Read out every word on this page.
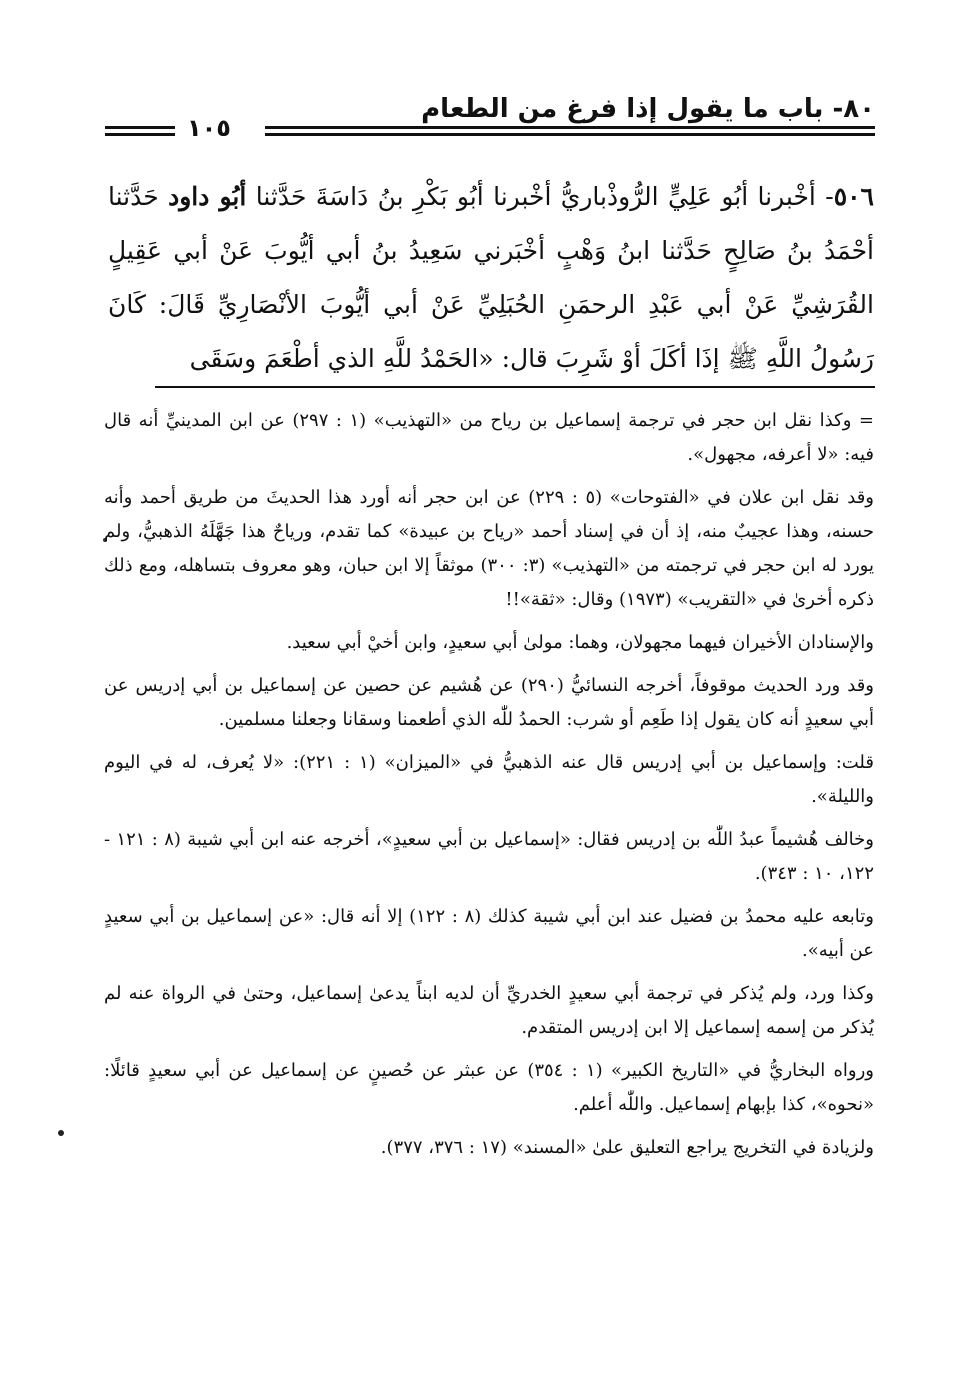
٨٠- باب ما يقول إذا فرغ من الطعام
١٠٥
٥٠٦- أخْبرنا أبُو عَلِيٍّ الرُّوذْباريُّ أخْبرنا أبُو بَكْرِ بنُ دَاسَةَ حَدَّثنا أبُو داود حَدَّثنا أحْمَدُ بنُ صَالِحٍ حَدَّثنا ابنُ وَهْبٍ أخْبَرني سَعِيدُ بنُ أبي أيُّوبَ عَنْ أبي عَقِيلٍ القُرَشِيِّ عَنْ أبي عَبْدِ الرحمَنِ الحُبَلِيِّ عَنْ أبي أيُّوبَ الأنْصَارِيِّ قَالَ: كَانَ رَسُولُ اللَّهِ ﷺ إذَا أكَلَ أوْ شَرِبَ قال: «الحَمْدُ للَّهِ الذي أطْعَمَ وسَقَى

= وكذا نقل ابن حجر في ترجمة إسماعيل بن رياح من «التهذيب» (١ : ٢٩٧) عن ابن المدينيِّ أنه قال فيه: «لا أعرفه، مجهول».

وقد نقل ابن علان في «الفتوحات» (٥ : ٢٢٩) عن ابن حجر أنه أورد هذا الحديثَ من طريق أحمد وأنه حسنه، وهذا عجيبٌ منه، إذ أن في إسناد أحمد «رياح بن عبيدة» كما تقدم، ورياحٌ هذا جَهَّلَهُ الذهبيُّ، ولم يورد له ابن حجر في ترجمته من «التهذيب» (٣: ٣٠٠) موثقاً إلا ابن حبان، وهو معروف بتساهله، ومع ذلك ذكره أخرىٰ في «التقريب» (١٩٧٣) وقال: «ثقة»!!

والإسنادان الأخيران فيهما مجهولان، وهما: مولىٰ أبي سعيدٍ، وابن أخيْ أبي سعيد.

وقد ورد الحديث موقوفاً، أخرجه النسائيُّ (٢٩٠) عن هُشيم عن حصين عن إسماعيل بن أبي إدريس عن أبي سعيدٍ أنه كان يقول إذا طَعِم أو شرب: الحمدُ للّٰه الذي أطعمنا وسقانا وجعلنا مسلمين.

قلت: وإسماعيل بن أبي إدريس قال عنه الذهبيُّ في «الميزان» (١ : ٢٢١): «لا يُعرف، له في اليوم والليلة».

وخالف هُشيماً عبدُ اللّٰه بن إدريس فقال: «إسماعيل بن أبي سعيدٍ»، أخرجه عنه ابن أبي شيبة (٨ : ١٢١ - ١٢٢، ١٠ : ٣٤٣).

وتابعه عليه محمدُ بن فضيل عند ابن أبي شيبة كذلك (٨ : ١٢٢) إلا أنه قال: «عن إسماعيل بن أبي سعيدٍ عن أبيه».

وكذا ورد، ولم يُذكر في ترجمة أبي سعيدٍ الخدريِّ أن لديه ابناً يدعىٰ إسماعيل، وحتىٰ في الرواة عنه لم يُذكر من إسمه إسماعيل إلا ابن إدريس المتقدم.

ورواه البخاريُّ في «التاريخ الكبير» (١ : ٣٥٤) عن عبثر عن حُصينٍ عن إسماعيل عن أبي سعيدٍ قائلًا: «نحوه»، كذا بإبهام إسماعيل. واللّٰه أعلم.

ولزيادة في التخريج يراجع التعليق علىٰ «المسند» (١٧ : ٣٧٦، ٣٧٧).
